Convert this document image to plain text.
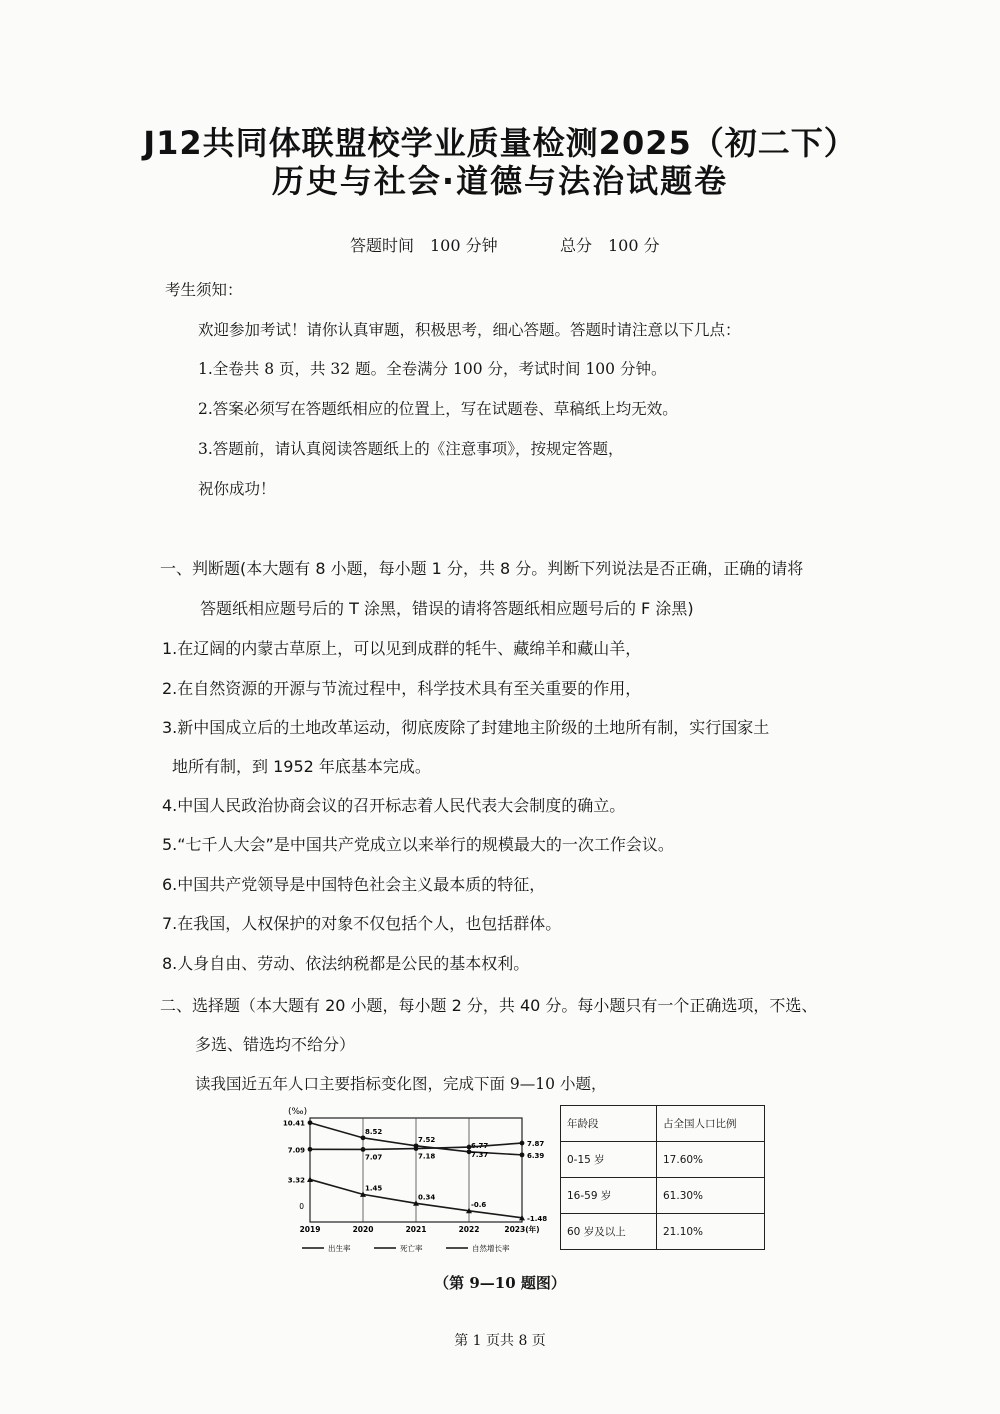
J12共同体联盟校学业质量检测2025（初二下）
历史与社会·道德与法治试题卷
答题时间　100 分钟	总分　100 分
考生须知：
欢迎参加考试！请你认真审题，积极思考，细心答题。答题时请注意以下几点：
1.全卷共 8 页，共 32 题。全卷满分 100 分，考试时间 100 分钟。
2.答案必须写在答题纸相应的位置上，写在试题卷、草稿纸上均无效。
3.答题前，请认真阅读答题纸上的《注意事项》，按规定答题，
祝你成功！
一、判断题(本大题有 8 小题，每小题 1 分，共 8 分。判断下列说法是否正确，正确的请将
答题纸相应题号后的 T 涂黑，错误的请将答题纸相应题号后的 F 涂黑)
1.在辽阔的内蒙古草原上，可以见到成群的牦牛、藏绵羊和藏山羊，
2.在自然资源的开源与节流过程中，科学技术具有至关重要的作用，
3.新中国成立后的土地改革运动，彻底废除了封建地主阶级的土地所有制，实行国家土
地所有制，到 1952 年底基本完成。
4.中国人民政治协商会议的召开标志着人民代表大会制度的确立。
5.“七千人大会”是中国共产党成立以来举行的规模最大的一次工作会议。
6.中国共产党领导是中国特色社会主义最本质的特征，
7.在我国，人权保护的对象不仅包括个人，也包括群体。
8.人身自由、劳动、依法纳税都是公民的基本权利。
二、选择题（本大题有 20 小题，每小题 2 分，共 40 分。每小题只有一个正确选项，不选、
多选、错选均不给分）
读我国近五年人口主要指标变化图，完成下面 9—10 小题，
(‰)
2019	2020	2021	2022	2023(年)
0
10.41
8.52
7.52
6.77
6.39
7.09
7.07	7.18	7.37
7.87
3.32
1.45
0.34
-0.6
-1.48
出生率	死亡率	自然增长率
年龄段	占全国人口比例
0-15 岁	17.60%
16-59 岁	61.30%
60 岁及以上	21.10%
（第 9—10 题图）
第 1 页共 8 页
